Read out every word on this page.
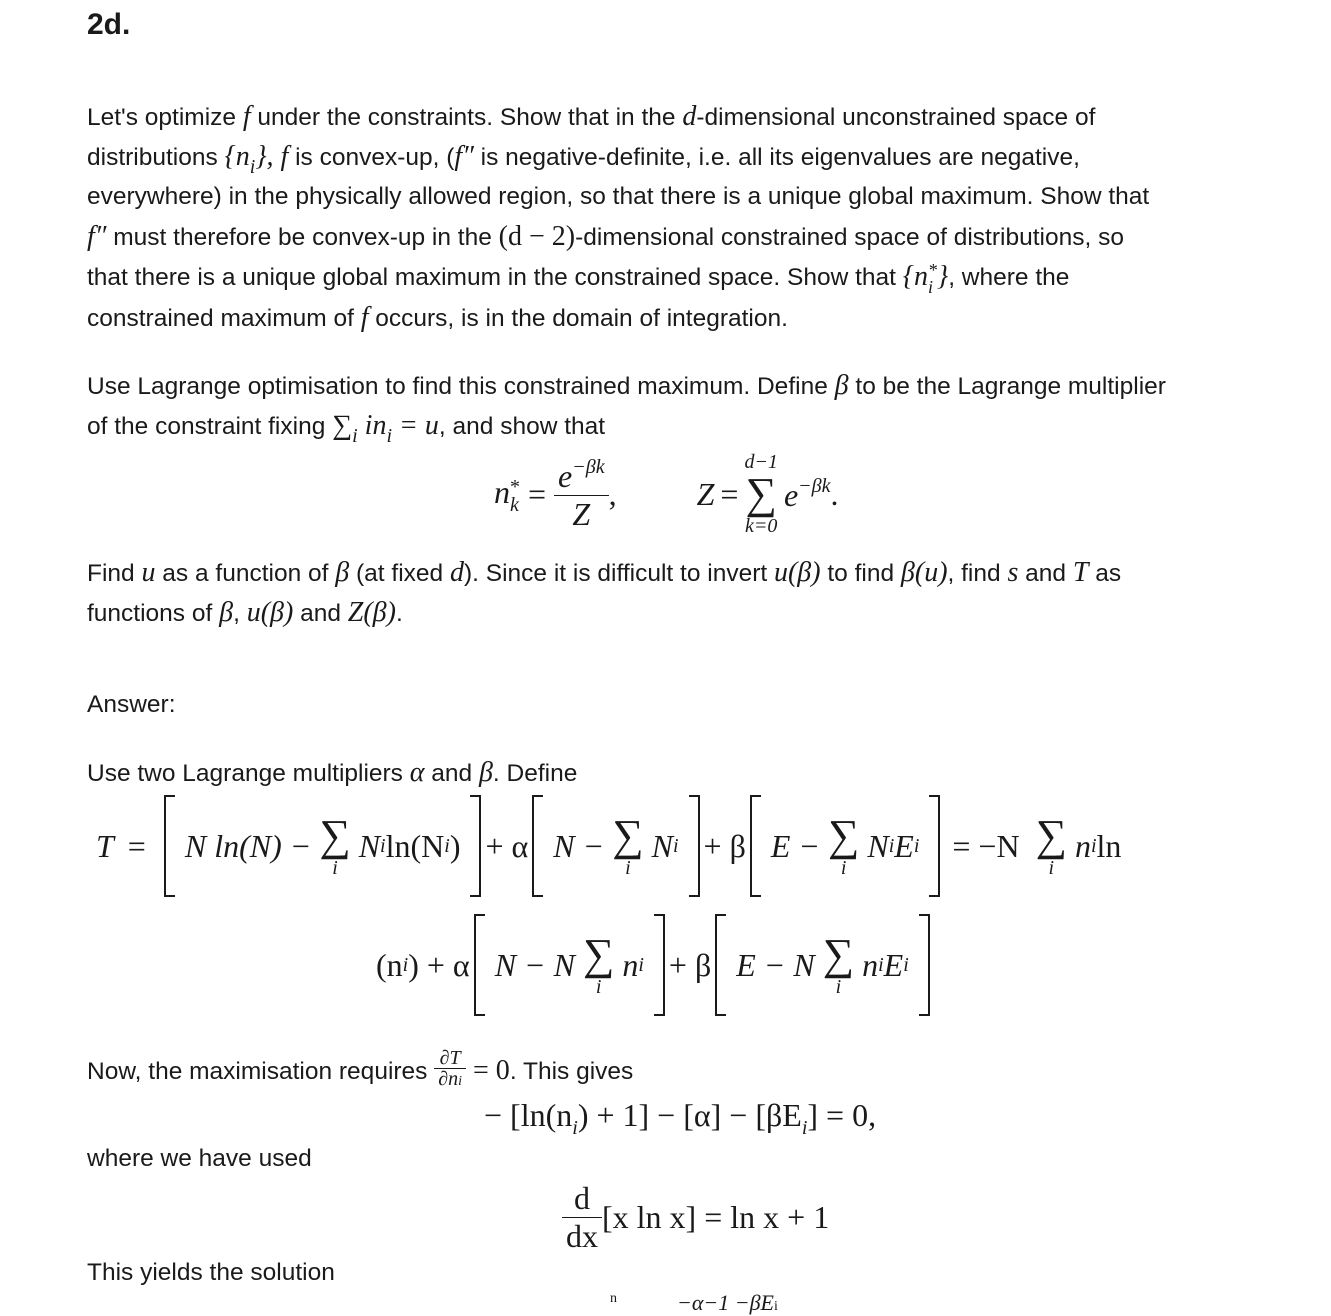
2d.

Let's optimize f under the constraints. Show that in the d-dimensional unconstrained space of

distributions $\{n_i\}$, f is convex-up, (f″ is negative-definite, i.e. all its eigenvalues are negative,

everywhere) in the physically allowed region, so that there is a unique global maximum. Show that

f″ must therefore be convex-up in the (d − 2)-dimensional constrained space of distributions, so

that there is a unique global maximum in the constrained space. Show that {n *
i }, where the

constrained maximum of f occurs, is in the domain of integration.

Use Lagrange optimisation to find this constrained maximum. Define β to be the Lagrange multiplier

of the constraint fixing $\sum_i$ $in_i = u$, and show that

n *
$k = \frac{e^{-\beta k}}{Z}$ ,	Z =
d−1
∑
k=0
$e^{-\beta k}$ .

Find u as a function of β (at fixed d). Since it is difficult to invert u(β) to find β(u), find s and T as

functions of β, u(β) and Z(β).

Answer:

Use two Lagrange multipliers α and β. Define

T = N ln(N) − ∑
i
N i ln(N i ) + α N − ∑
i
N i + β E − ∑
i
N i E i = −N ∑
i
n i ln
(n i ) + α N − N ∑
i
n i + β E − N ∑
i
n i E i

Now, the maximisation requires $\frac{\partial T}{\partial ni} = 0$. This gives

− $[\ln(n_i) + 1] - [\alpha] - [\beta E_i] = 0$,

where we have used

$\frac{d}{dx} [x$ ln x] = ln x + 1

This yields the solution

$^n$	−α−1 −βEi
